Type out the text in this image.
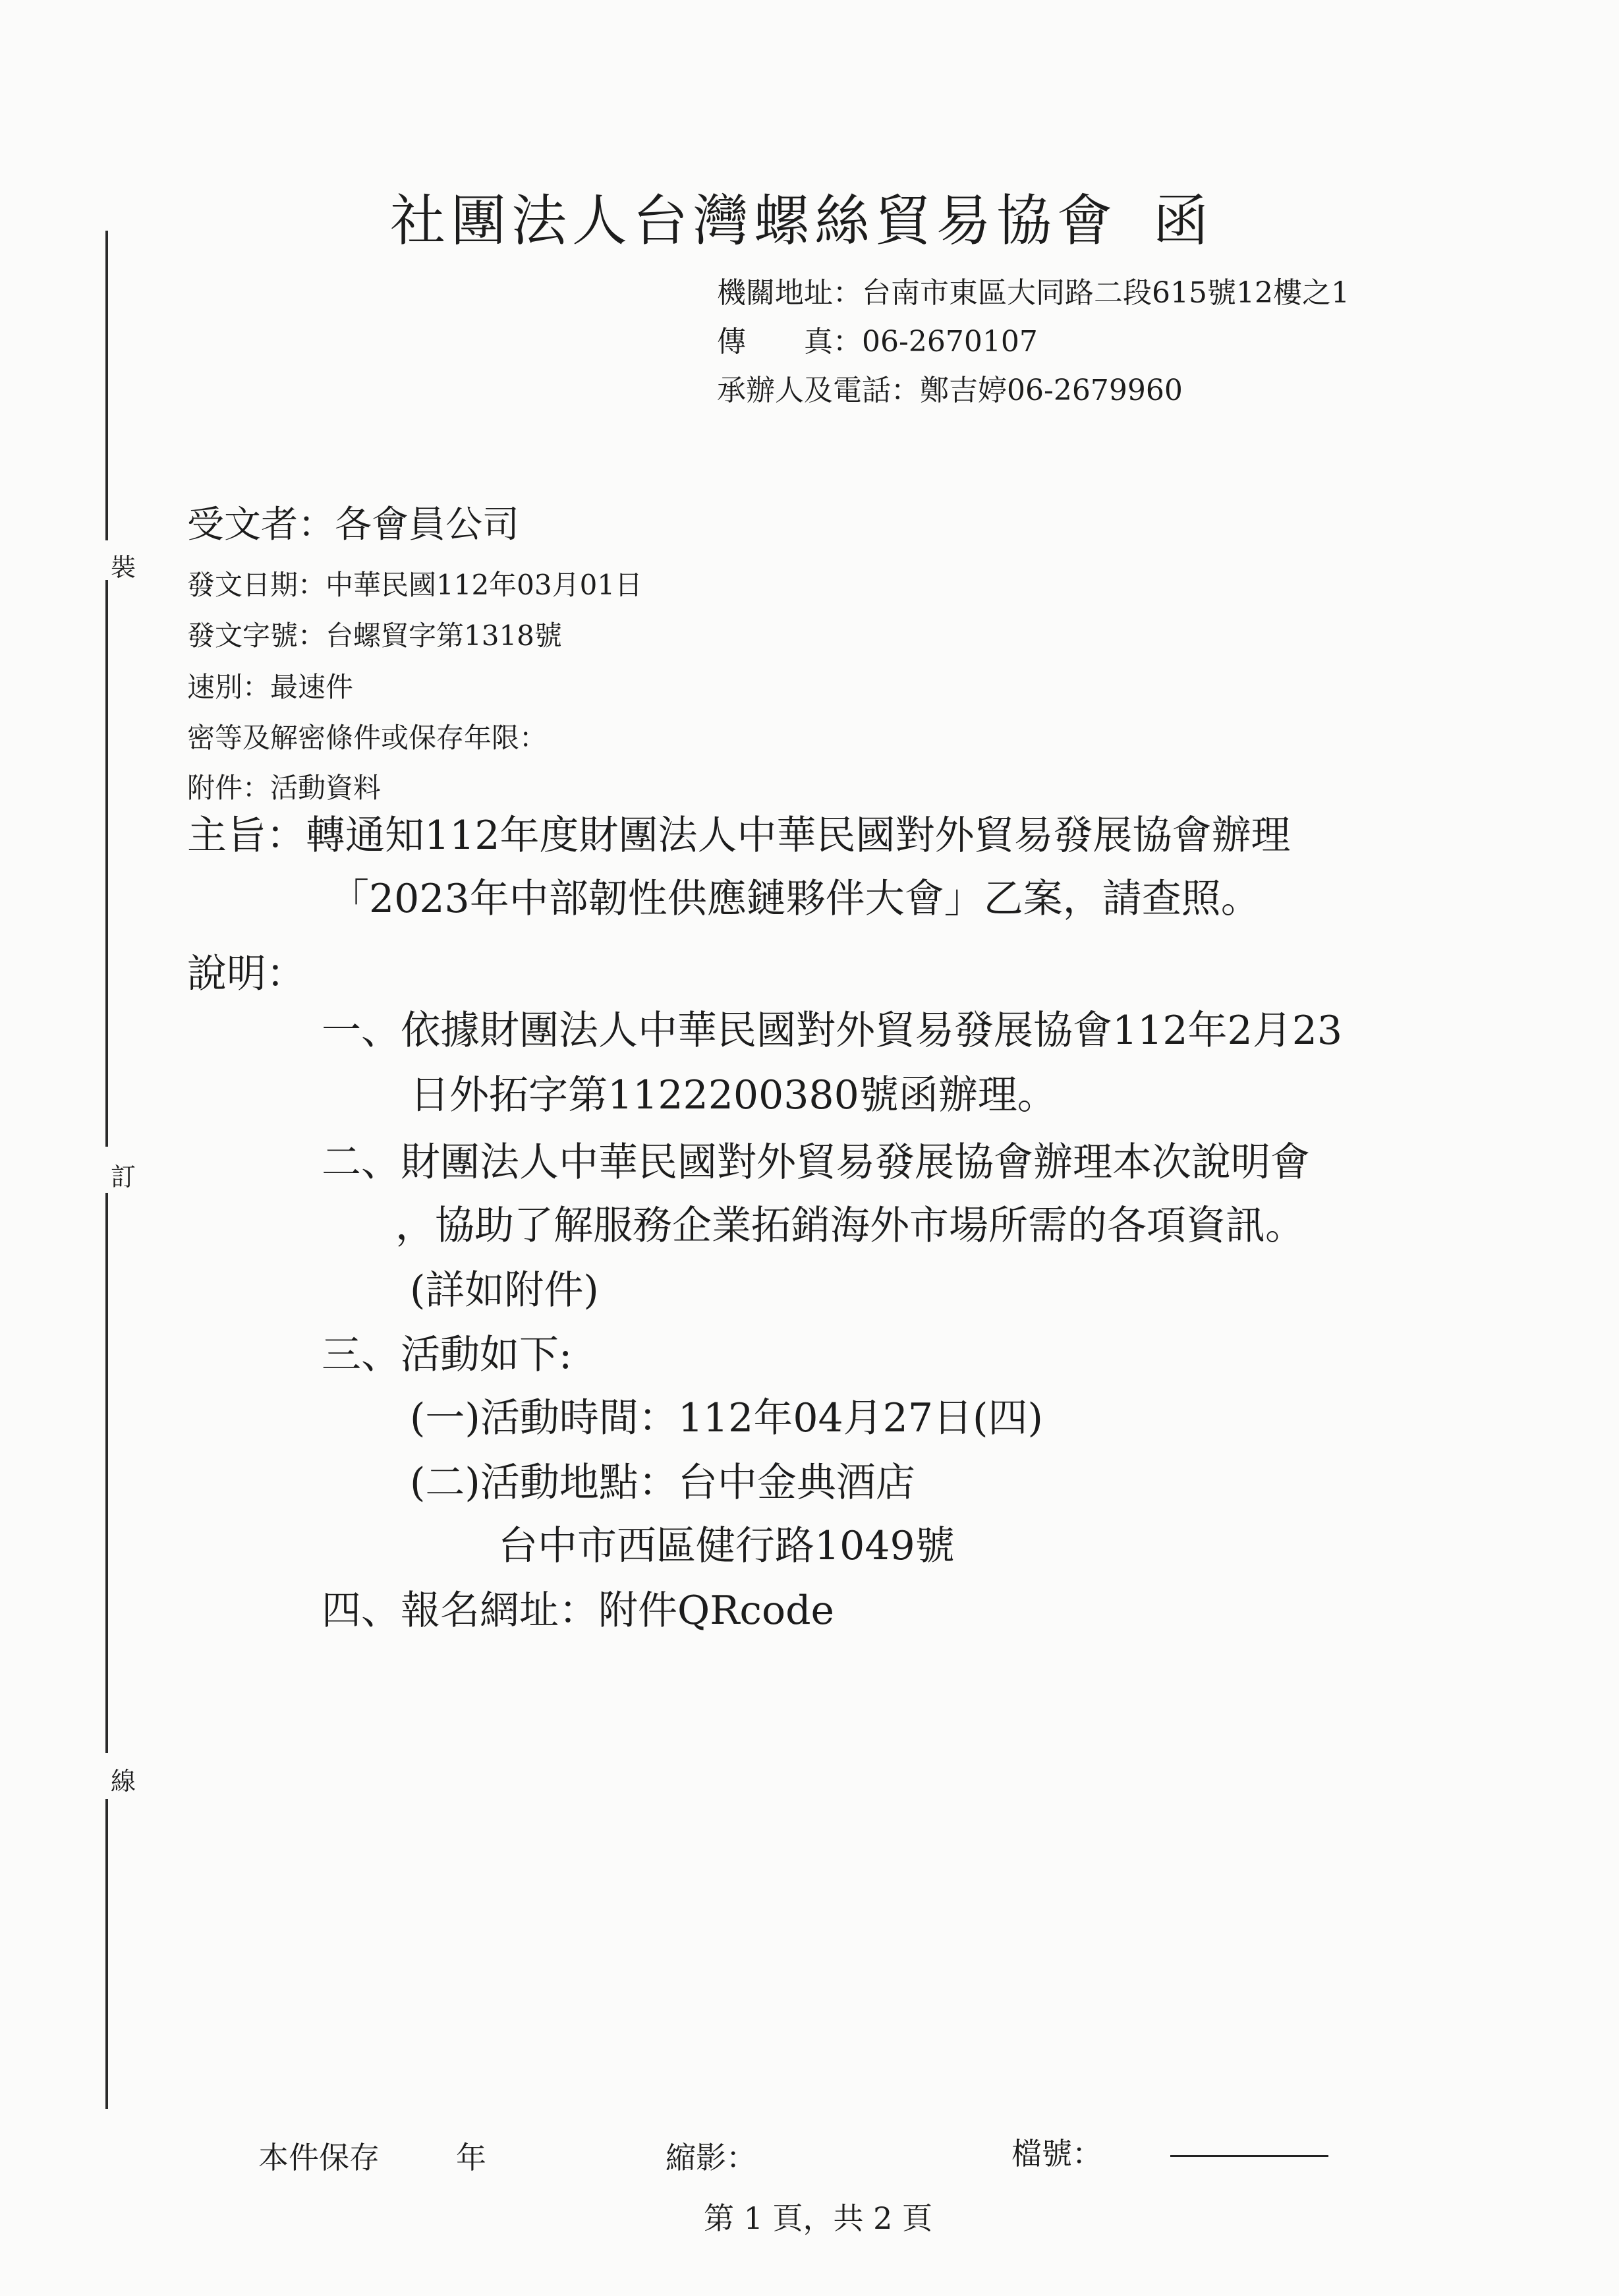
裝
訂
線
社團法人台灣螺絲貿易協會 函
機關地址：台南市東區大同路二段615號12樓之1
傳　　真：06-2670107
承辦人及電話：鄭吉婷06-2679960
受文者：各會員公司
發文日期：中華民國112年03月01日
發文字號：台螺貿字第1318號
速別：最速件
密等及解密條件或保存年限：
附件：活動資料
主旨：轉通知112年度財團法人中華民國對外貿易發展協會辦理
「2023年中部韌性供應鏈夥伴大會」乙案，請查照。
說明：
一、依據財團法人中華民國對外貿易發展協會112年2月23
日外拓字第1122200380號函辦理。
二、財團法人中華民國對外貿易發展協會辦理本次說明會
，協助了解服務企業拓銷海外市場所需的各項資訊。
(詳如附件)
三、活動如下:
(一)活動時間：112年04月27日(四)
(二)活動地點：台中金典酒店
台中市西區健行路1049號
四、報名網址：附件QRcode
本件保存	年	縮影：	檔號：
第 1 頁，共 2 頁
